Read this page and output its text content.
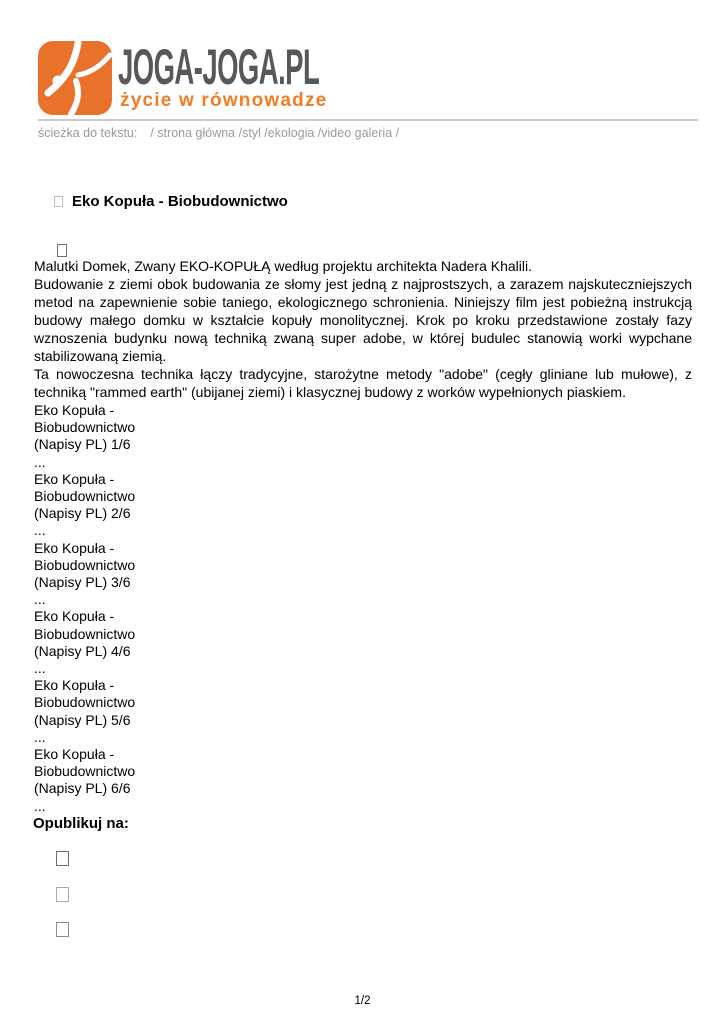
JOGA-JOGA.PL
życie w równowadze
ścieżka do tekstu: / strona główna /styl /ekologia /video galeria /
Eko Kopuła - Biobudownictwo

Malutki Domek, Zwany EKO-KOPUŁĄ według projektu architekta Nadera Khalili.

Budowanie z ziemi obok budowania ze słomy jest jedną z najprostszych, a zarazem najskuteczniejszych metod na zapewnienie sobie taniego, ekologicznego schronienia. Niniejszy film jest pobieżną instrukcją budowy małego domku w kształcie kopuły monolitycznej. Krok po kroku przedstawione zostały fazy wznoszenia budynku nową techniką zwaną super adobe, w której budulec stanowią worki wypchane stabilizowaną ziemią.

Ta nowoczesna technika łączy tradycyjne, starożytne metody "adobe" (cegły gliniane lub mułowe), z techniką "rammed earth" (ubijanej ziemi) i klasycznej budowy z worków wypełnionych piaskiem.

Eko Kopuła -
Biobudownictwo
(Napisy PL) 1/6
...
Eko Kopuła -
Biobudownictwo
(Napisy PL) 2/6
...
Eko Kopuła -
Biobudownictwo
(Napisy PL) 3/6
...
Eko Kopuła -
Biobudownictwo
(Napisy PL) 4/6
...
Eko Kopuła -
Biobudownictwo
(Napisy PL) 5/6
...
Eko Kopuła -
Biobudownictwo
(Napisy PL) 6/6
...
Opublikuj na:
1/2
